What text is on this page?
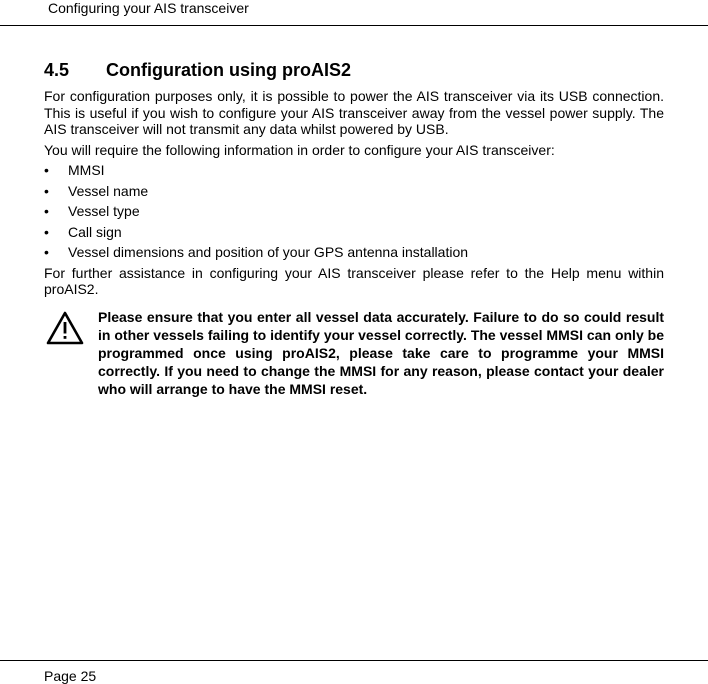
Configuring your AIS transceiver
4.5 Configuration using proAIS2

For configuration purposes only, it is possible to power the AIS transceiver via its USB connection. This is useful if you wish to configure your AIS transceiver away from the vessel power supply. The AIS transceiver will not transmit any data whilst powered by USB.

You will require the following information in order to configure your AIS transceiver:

• MMSI
• Vessel name
• Vessel type
• Call sign
• Vessel dimensions and position of your GPS antenna installation

For further assistance in configuring your AIS transceiver please refer to the Help menu within proAIS2.

Please ensure that you enter all vessel data accurately. Failure to do so could result in other vessels failing to identify your vessel correctly. The vessel MMSI can only be programmed once using proAIS2, please take care to programme your MMSI correctly. If you need to change the MMSI for any reason, please contact your dealer who will arrange to have the MMSI reset.
Page 25
